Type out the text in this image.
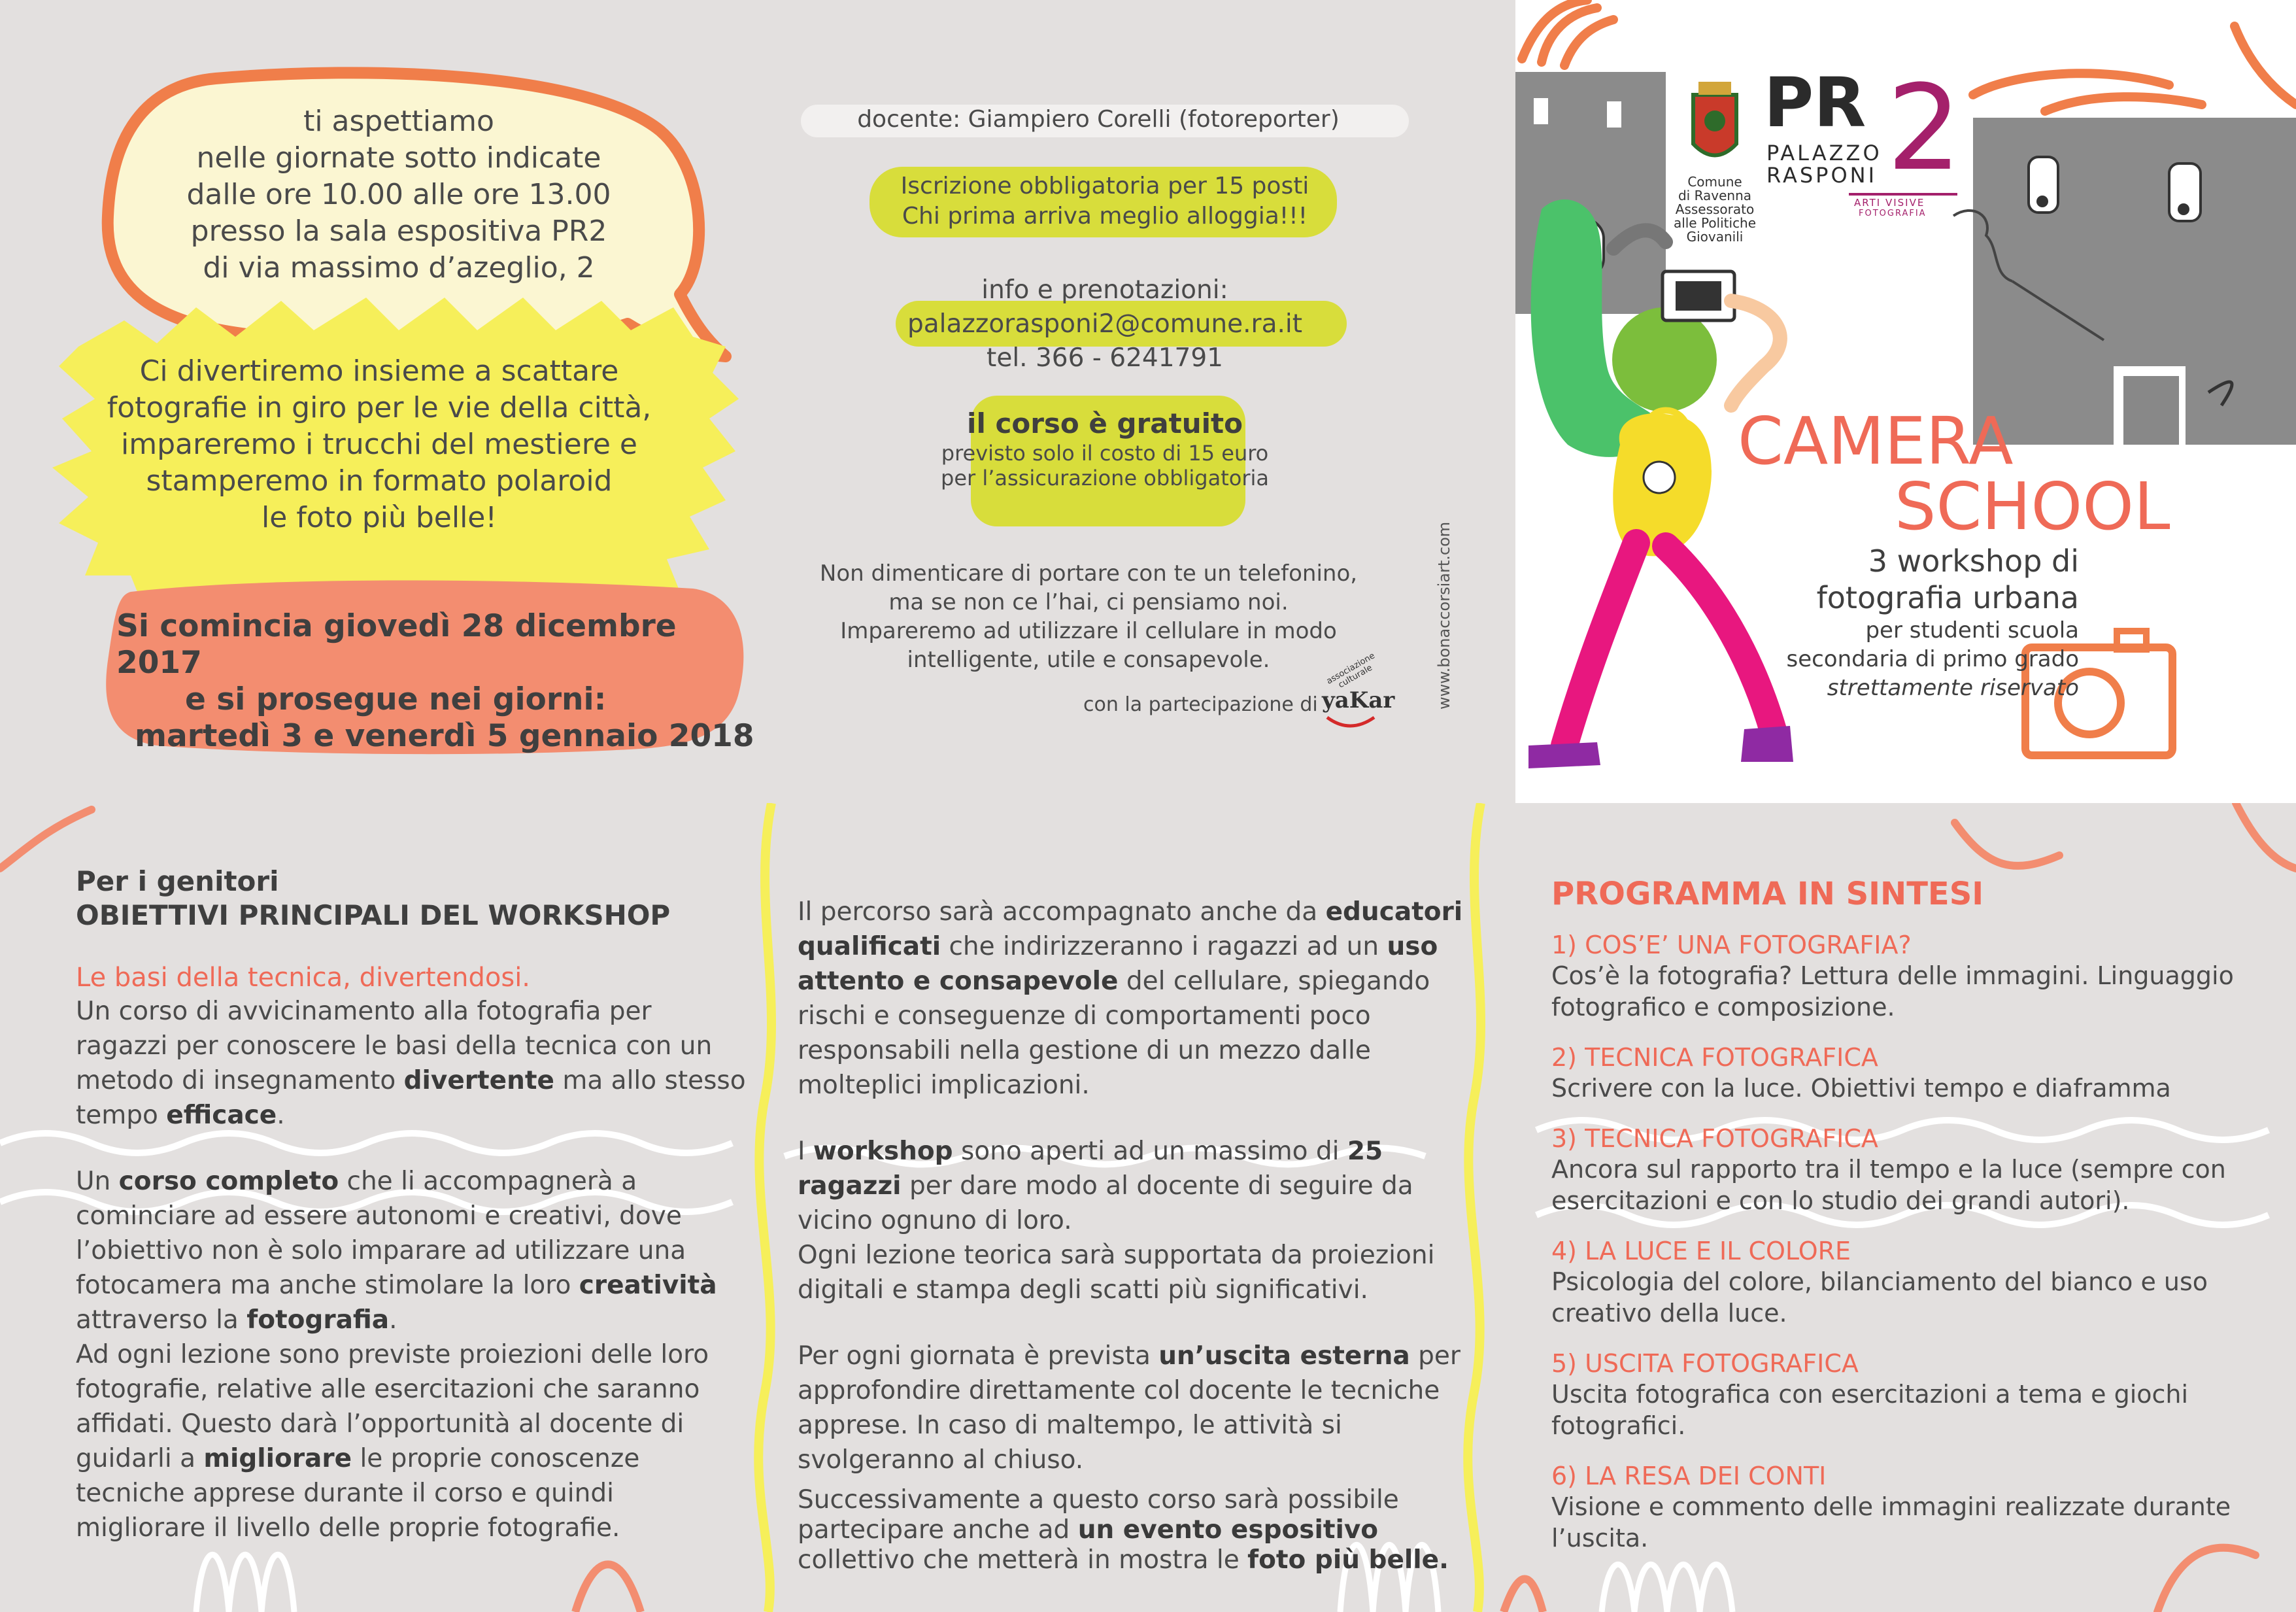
ti aspettiamo
nelle giornate sotto indicate
dalle ore 10.00 alle ore 13.00
presso la sala espositiva PR2
di via massimo d’azeglio, 2
Ci divertiremo insieme a scattare
fotografie in giro per le vie della città,
impareremo i trucchi del mestiere e
stamperemo in formato polaroid
le foto più belle!
Si comincia giovedì 28 dicembre 2017
e si prosegue nei giorni:
martedì 3 e venerdì 5 gennaio 2018
docente: Giampiero Corelli (fotoreporter)
Iscrizione obbligatoria per 15 posti
Chi prima arriva meglio alloggia!!!
info e prenotazioni:
palazzorasponi2@comune.ra.it
tel. 366 - 6241791
il corso è gratuito
previsto solo il costo di 15 euro
per l’assicurazione obbligatoria
Non dimenticare di portare con te un telefonino,
ma se non ce l’hai, ci pensiamo noi.
Impareremo ad utilizzare il cellulare in modo
intelligente, utile e consapevole.
con la partecipazione di
associazione culturale
yaKar	www.bonaccorsiart.com
Comune
di Ravenna
Assessorato
alle Politiche
Giovanili
PR 2
PALAZZO
RASPONI
ARTI VISIVE
FOTOGRAFIA
CAMERA
SCHOOL
3 workshop di
fotografia urbana
per studenti scuola
secondaria di primo grado
strettamente riservato
Per i genitori
OBIETTIVI PRINCIPALI DEL WORKSHOP
Le basi della tecnica, divertendosi.

Un corso di avvicinamento alla fotografia per ragazzi per conoscere le basi della tecnica con un metodo di insegnamento divertente ma allo stesso tempo efficace.

Un corso completo che li accompagnerà a cominciare ad essere autonomi e creativi, dove l’obiettivo non è solo imparare ad utilizzare una fotocamera ma anche stimolare la loro creatività attraverso la fotografia.

Ad ogni lezione sono previste proiezioni delle loro fotografie, relative alle esercitazioni che saranno affidati. Questo darà l’opportunità al docente di guidarli a migliorare le proprie conoscenze tecniche apprese durante il corso e quindi migliorare il livello delle proprie fotografie.

Il percorso sarà accompagnato anche da educatori qualificati che indirizzeranno i ragazzi ad un uso attento e consapevole del cellulare, spiegando rischi e conseguenze di comportamenti poco responsabili nella gestione di un mezzo dalle molteplici implicazioni.

I workshop sono aperti ad un massimo di 25 ragazzi per dare modo al docente di seguire da vicino ognuno di loro.

Ogni lezione teorica sarà supportata da proiezioni digitali e stampa degli scatti più significativi.

Per ogni giornata è prevista un’uscita esterna per approfondire direttamente col docente le tecniche apprese. In caso di maltempo, le attività si svolgeranno al chiuso.

Successivamente a questo corso sarà possibile partecipare anche ad un evento espositivo collettivo che metterà in mostra le foto più belle.

PROGRAMMA IN SINTESI
1) COS’E’ UNA FOTOGRAFIA?
Cos’è la fotografia? Lettura delle immagini. Linguaggio fotografico e composizione.
2) TECNICA FOTOGRAFICA
Scrivere con la luce. Obiettivi tempo e diaframma
3) TECNICA FOTOGRAFICA
Ancora sul rapporto tra il tempo e la luce (sempre con esercitazioni e con lo studio dei grandi autori).
4) LA LUCE E IL COLORE
Psicologia del colore, bilanciamento del bianco e uso creativo della luce.
5) USCITA FOTOGRAFICA
Uscita fotografica con esercitazioni a tema e giochi fotografici.
6) LA RESA DEI CONTI
Visione e commento delle immagini realizzate durante l’uscita.
